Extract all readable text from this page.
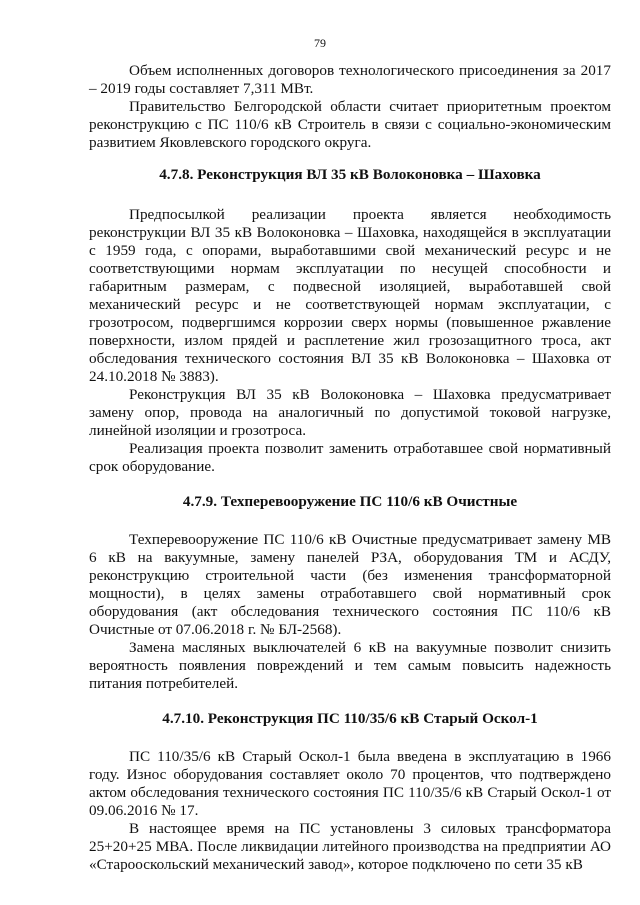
79

Объем исполненных договоров технологического присоединения за 2017 – 2019 годы составляет 7,311 МВт.

Правительство Белгородской области считает приоритетным проектом реконструкцию с ПС 110/6 кВ Строитель в связи с социально-экономическим развитием Яковлевского городского округа.

4.7.8. Реконструкция ВЛ 35 кВ Волоконовка – Шаховка

Предпосылкой реализации проекта является необходимость реконструкции ВЛ 35 кВ Волоконовка – Шаховка, находящейся в эксплуатации с 1959 года, с опорами, выработавшими свой механический ресурс и не соответствующими нормам эксплуатации по несущей способности и габаритным размерам, с подвесной изоляцией, выработавшей свой механический ресурс и не соответствующей нормам эксплуатации, с грозотросом, подвергшимся коррозии сверх нормы (повышенное ржавление поверхности, излом прядей и расплетение жил грозозащитного троса, акт обследования технического состояния ВЛ 35 кВ Волоконовка – Шаховка от 24.10.2018 № 3883).

Реконструкция ВЛ 35 кВ Волоконовка – Шаховка предусматривает замену опор, провода на аналогичный по допустимой токовой нагрузке, линейной изоляции и грозотроса.

Реализация проекта позволит заменить отработавшее свой нормативный срок оборудование.

4.7.9. Техперевооружение ПС 110/6 кВ Очистные

Техперевооружение ПС 110/6 кВ Очистные предусматривает замену МВ 6 кВ на вакуумные, замену панелей РЗА, оборудования ТМ и АСДУ, реконструкцию строительной части (без изменения трансформаторной мощности), в целях замены отработавшего свой нормативный срок оборудования (акт обследования технического состояния ПС 110/6 кВ Очистные от 07.06.2018 г. № БЛ-2568).

Замена масляных выключателей 6 кВ на вакуумные позволит снизить вероятность появления повреждений и тем самым повысить надежность питания потребителей.

4.7.10. Реконструкция ПС 110/35/6 кВ Старый Оскол-1

ПС 110/35/6 кВ Старый Оскол-1 была введена в эксплуатацию в 1966 году. Износ оборудования составляет около 70 процентов, что подтверждено актом обследования технического состояния ПС 110/35/6 кВ Старый Оскол-1 от 09.06.2016 № 17.

В настоящее время на ПС установлены 3 силовых трансформатора 25+20+25 МВА. После ликвидации литейного производства на предприятии АО «Старооскольский механический завод», которое подключено по сети 35 кВ
